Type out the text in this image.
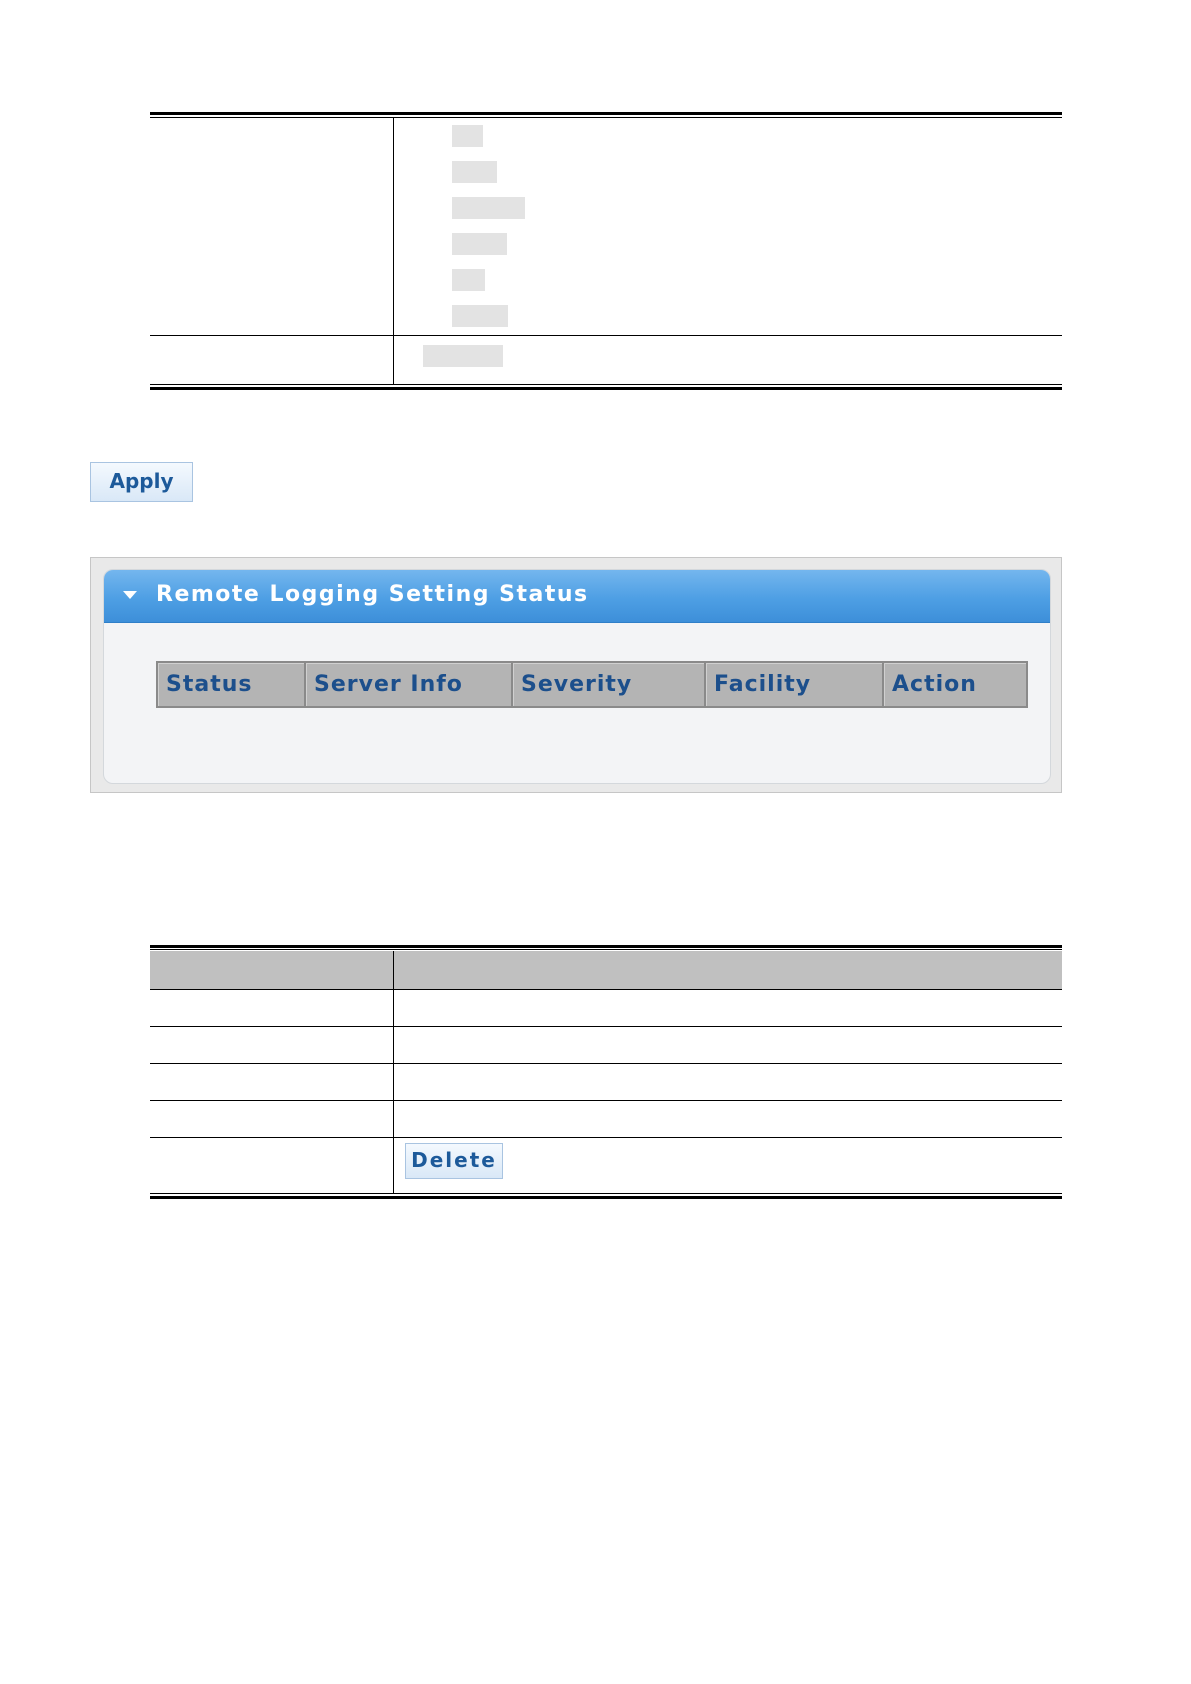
Apply
Remote Logging Setting Status
Status	Server Info	Severity	Facility	Action
Delete
